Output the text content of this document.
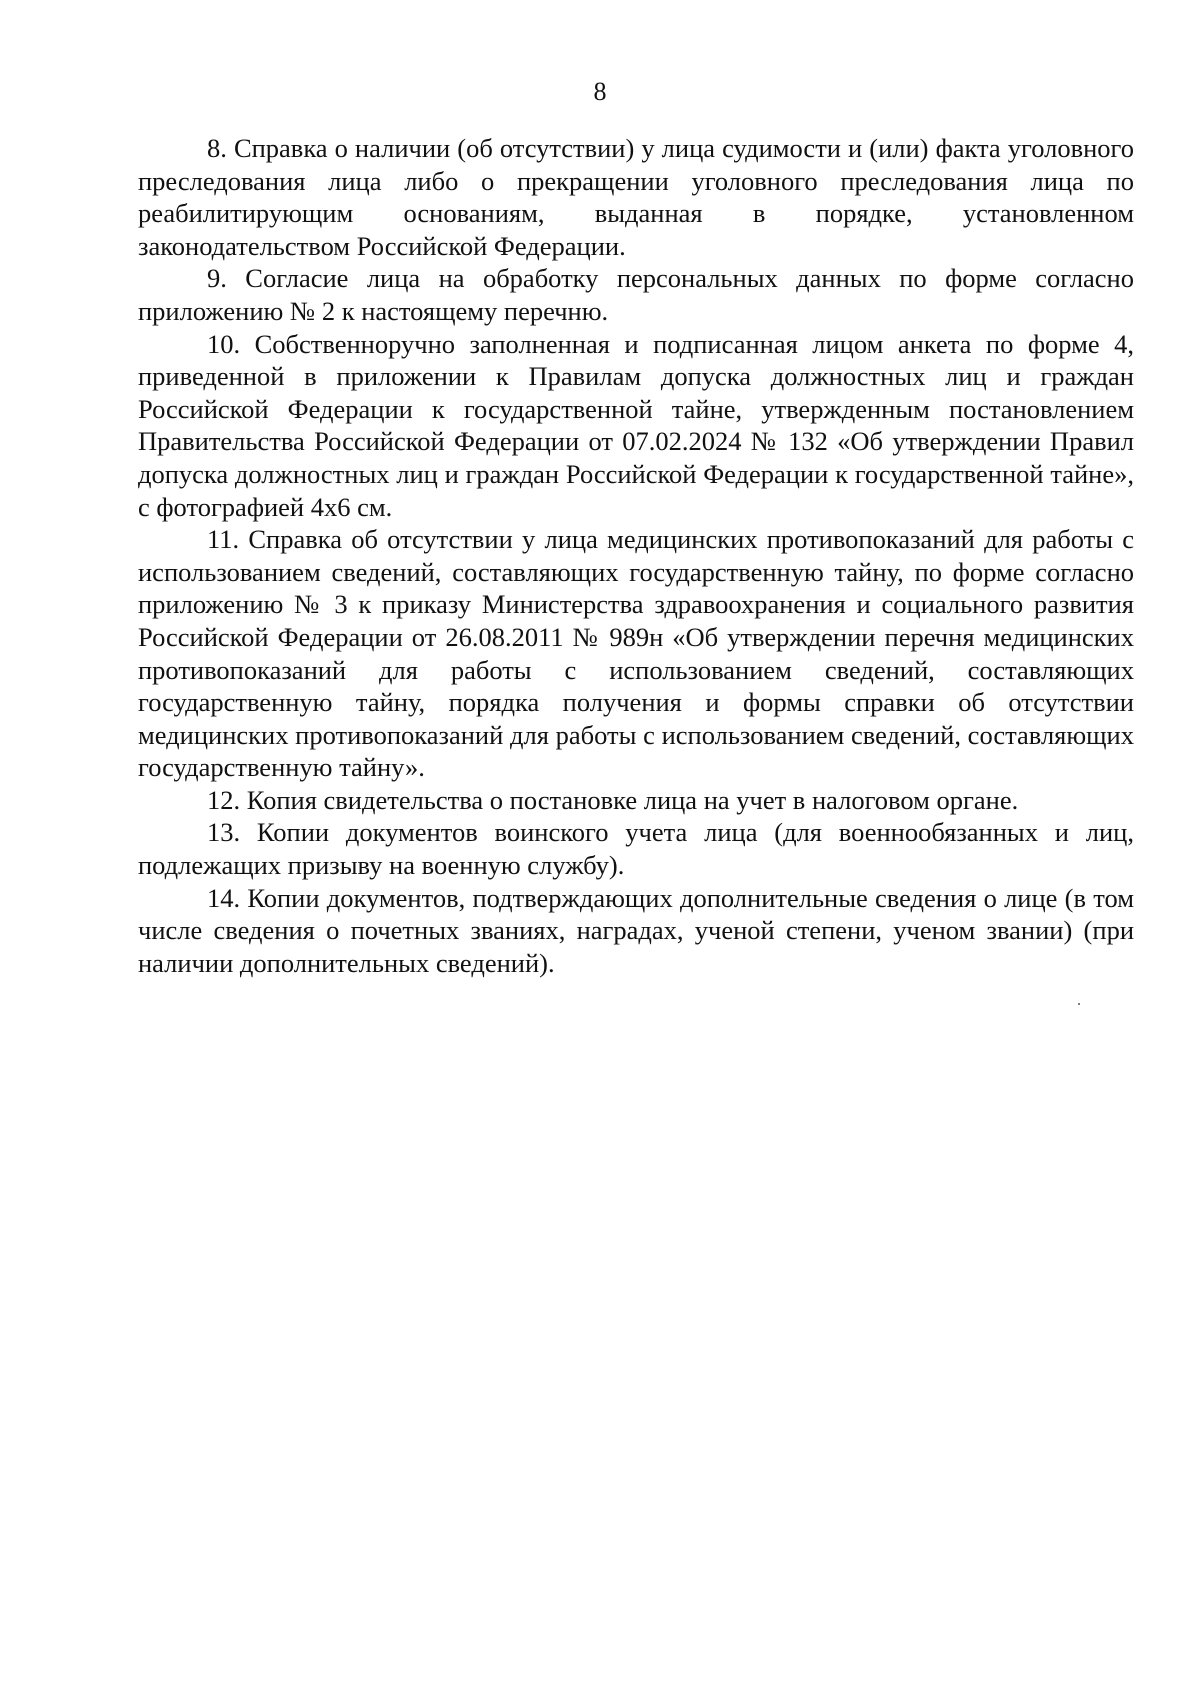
8

8. Справка о наличии (об отсутствии) у лица судимости и (или) факта уголовного преследования лица либо о прекращении уголовного преследования лица по реабилитирующим основаниям, выданная в порядке, установленном законодательством Российской Федерации.

9. Согласие лица на обработку персональных данных по форме согласно приложению № 2 к настоящему перечню.

10. Собственноручно заполненная и подписанная лицом анкета по форме 4, приведенной в приложении к Правилам допуска должностных лиц и граждан Российской Федерации к государственной тайне, утвержденным постановлением Правительства Российской Федерации от 07.02.2024 № 132 «Об утверждении Правил допуска должностных лиц и граждан Российской Федерации к государственной тайне», с фотографией 4х6 см.

11. Справка об отсутствии у лица медицинских противопоказаний для работы с использованием сведений, составляющих государственную тайну, по форме согласно приложению № 3 к приказу Министерства здравоохранения и социального развития Российской Федерации от 26.08.2011 № 989н «Об утверждении перечня медицинских противопоказаний для работы с использованием сведений, составляющих государственную тайну, порядка получения и формы справки об отсутствии медицинских противопоказаний для работы с использованием сведений, составляющих государственную тайну».

12. Копия свидетельства о постановке лица на учет в налоговом органе.

13. Копии документов воинского учета лица (для военнообязанных и лиц, подлежащих призыву на военную службу).

14. Копии документов, подтверждающих дополнительные сведения о лице (в том числе сведения о почетных званиях, наградах, ученой степени, ученом звании) (при наличии дополнительных сведений).
